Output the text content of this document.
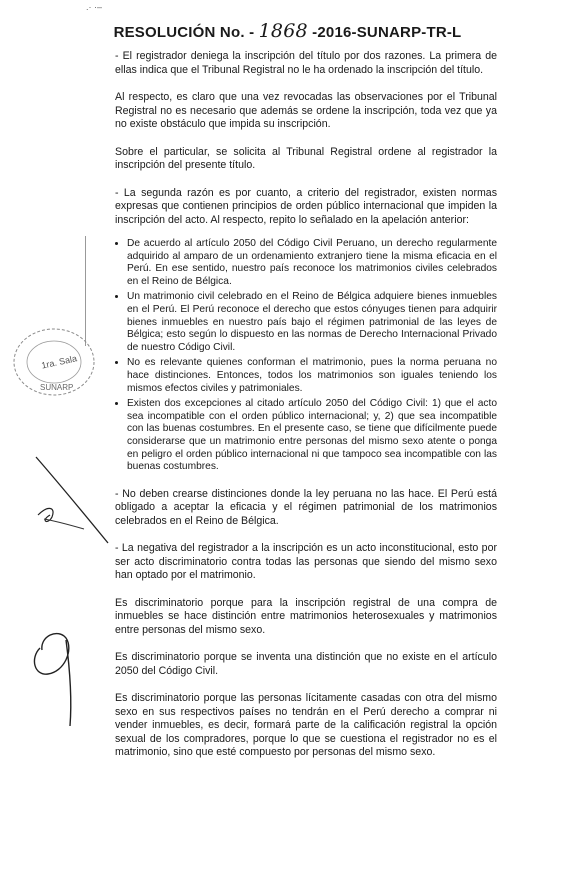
.· ·–
RESOLUCIÓN No. - 1868 -2016-SUNARP-TR-L

- El registrador deniega la inscripción del título por dos razones. La primera de ellas indica que el Tribunal Registral no le ha ordenado la inscripción del título.

Al respecto, es claro que una vez revocadas las observaciones por el Tribunal Registral no es necesario que además se ordene la inscripción, toda vez que ya no existe obstáculo que impida su inscripción.

Sobre el particular, se solicita al Tribunal Registral ordene al registrador la inscripción del presente título.

- La segunda razón es por cuanto, a criterio del registrador, existen normas expresas que contienen principios de orden público internacional que impiden la inscripción del acto. Al respecto, repito lo señalado en la apelación anterior:

• De acuerdo al artículo 2050 del Código Civil Peruano, un derecho regularmente adquirido al amparo de un ordenamiento extranjero tiene la misma eficacia en el Perú. En ese sentido, nuestro país reconoce los matrimonios civiles celebrados en el Reino de Bélgica.
• Un matrimonio civil celebrado en el Reino de Bélgica adquiere bienes inmuebles en el Perú. El Perú reconoce el derecho que estos cónyuges tienen para adquirir bienes inmuebles en nuestro país bajo el régimen patrimonial de las leyes de Bélgica; esto según lo dispuesto en las normas de Derecho Internacional Privado de nuestro Código Civil.
• No es relevante quienes conforman el matrimonio, pues la norma peruana no hace distinciones. Entonces, todos los matrimonios son iguales teniendo los mismos efectos civiles y patrimoniales.
• Existen dos excepciones al citado artículo 2050 del Código Civil: 1) que el acto sea incompatible con el orden público internacional; y, 2) que sea incompatible con las buenas costumbres. En el presente caso, se tiene que difícilmente puede considerarse que un matrimonio entre personas del mismo sexo atente o ponga en peligro el orden público internacional ni que tampoco sea incompatible con las buenas costumbres.

- No deben crearse distinciones donde la ley peruana no las hace. El Perú está obligado a aceptar la eficacia y el régimen patrimonial de los matrimonios celebrados en el Reino de Bélgica.

- La negativa del registrador a la inscripción es un acto inconstitucional, esto por ser acto discriminatorio contra todas las personas que siendo del mismo sexo han optado por el matrimonio.

Es discriminatorio porque para la inscripción registral de una compra de inmuebles se hace distinción entre matrimonios heterosexuales y matrimonios entre personas del mismo sexo.

Es discriminatorio porque se inventa una distinción que no existe en el artículo 2050 del Código Civil.

Es discriminatorio porque las personas lícitamente casadas con otra del mismo sexo en sus respectivos países no tendrán en el Perú derecho a comprar ni vender inmuebles, es decir, formará parte de la calificación registral la opción sexual de los compradores, porque lo que se cuestiona el registrador no es el matrimonio, sino que esté compuesto por personas del mismo sexo.

1ra. Sala
SUNARP
